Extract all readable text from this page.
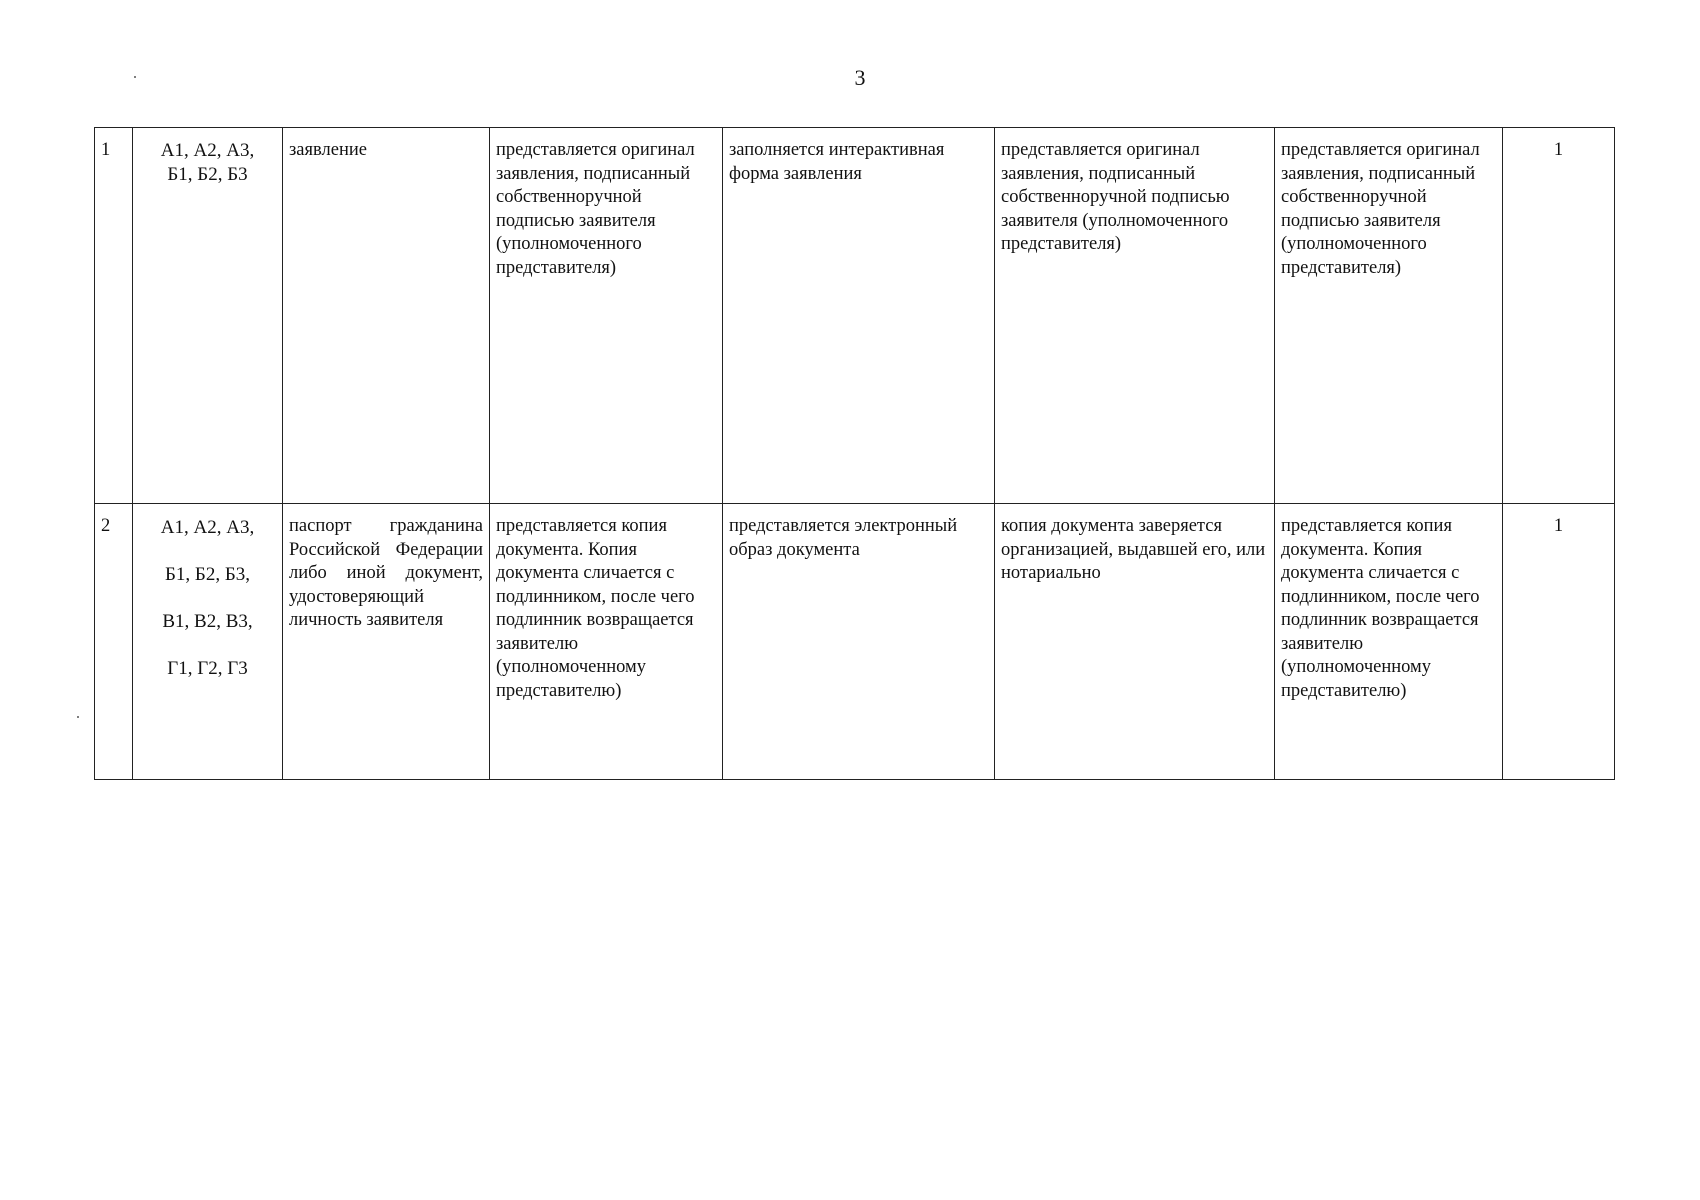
3
1	А1, А2, А3,
Б1, Б2, Б3	заявление	представляется оригинал заявления, подписанный собственноручной подписью заявителя (уполномоченного представителя)	заполняется интерактивная форма заявления	представляется оригинал заявления, подписанный собственноручной подписью заявителя (уполномоченного представителя)	представляется оригинал заявления, подписанный собственноручной подписью заявителя (уполномоченного представителя)	1
2	А1, А2, А3,
Б1, Б2, Б3,
В1, В2, В3,
Г1, Г2, Г3	паспорт гражданина Российской Федерации либо иной документ, удостоверяющий личность заявителя	представляется копия документа. Копия документа сличается с подлинником, после чего подлинник возвращается заявителю (уполномоченному представителю)	представляется электронный образ документа	копия документа заверяется организацией, выдавшей его, или нотариально	представляется копия документа. Копия документа сличается с подлинником, после чего подлинник возвращается заявителю (уполномоченному представителю)	1
